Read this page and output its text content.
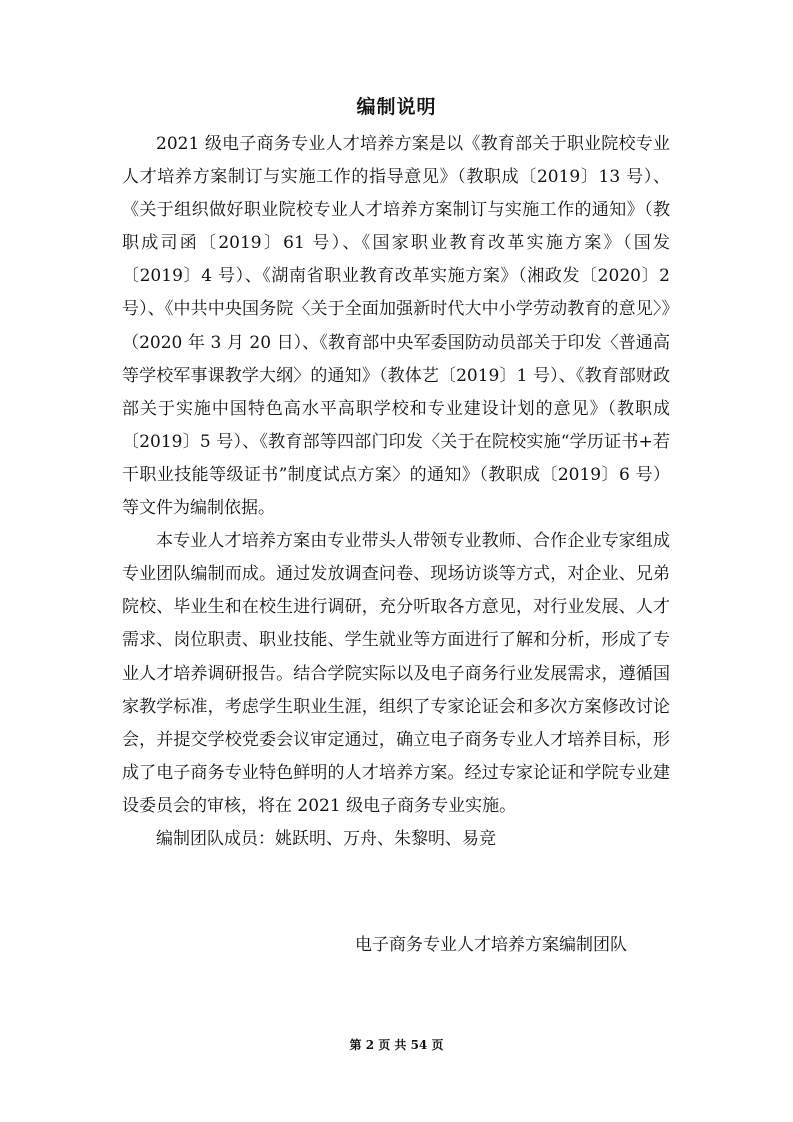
编制说明

2021 级电子商务专业人才培养方案是以《教育部关于职业院校专业人才培养方案制订与实施工作的指导意见》（教职成〔2019〕13 号）、《关于组织做好职业院校专业人才培养方案制订与实施工作的通知》（教职成司函〔2019〕61 号）、《国家职业教育改革实施方案》（国发〔2019〕4 号）、《湖南省职业教育改革实施方案》（湘政发〔2020〕2 号）、《中共中央国务院〈关于全面加强新时代大中小学劳动教育的意见〉》（2020 年 3 月 20 日）、《教育部中央军委国防动员部关于印发〈普通高等学校军事课教学大纲〉的通知》（教体艺〔2019〕1 号）、《教育部财政部关于实施中国特色高水平高职学校和专业建设计划的意见》（教职成〔2019〕5 号）、《教育部等四部门印发〈关于在院校实施“学历证书+若干职业技能等级证书”制度试点方案〉的通知》（教职成〔2019〕6 号）等文件为编制依据。

本专业人才培养方案由专业带头人带领专业教师、合作企业专家组成专业团队编制而成。通过发放调查问卷、现场访谈等方式，对企业、兄弟院校、毕业生和在校生进行调研，充分听取各方意见，对行业发展、人才需求、岗位职责、职业技能、学生就业等方面进行了解和分析，形成了专业人才培养调研报告。结合学院实际以及电子商务行业发展需求，遵循国家教学标准，考虑学生职业生涯，组织了专家论证会和多次方案修改讨论会，并提交学校党委会议审定通过，确立电子商务专业人才培养目标，形成了电子商务专业特色鲜明的人才培养方案。经过专家论证和学院专业建设委员会的审核，将在 2021 级电子商务专业实施。

编制团队成员：姚跃明、万舟、朱黎明、易竞

电子商务专业人才培养方案编制团队
第 2 页 共 54 页
